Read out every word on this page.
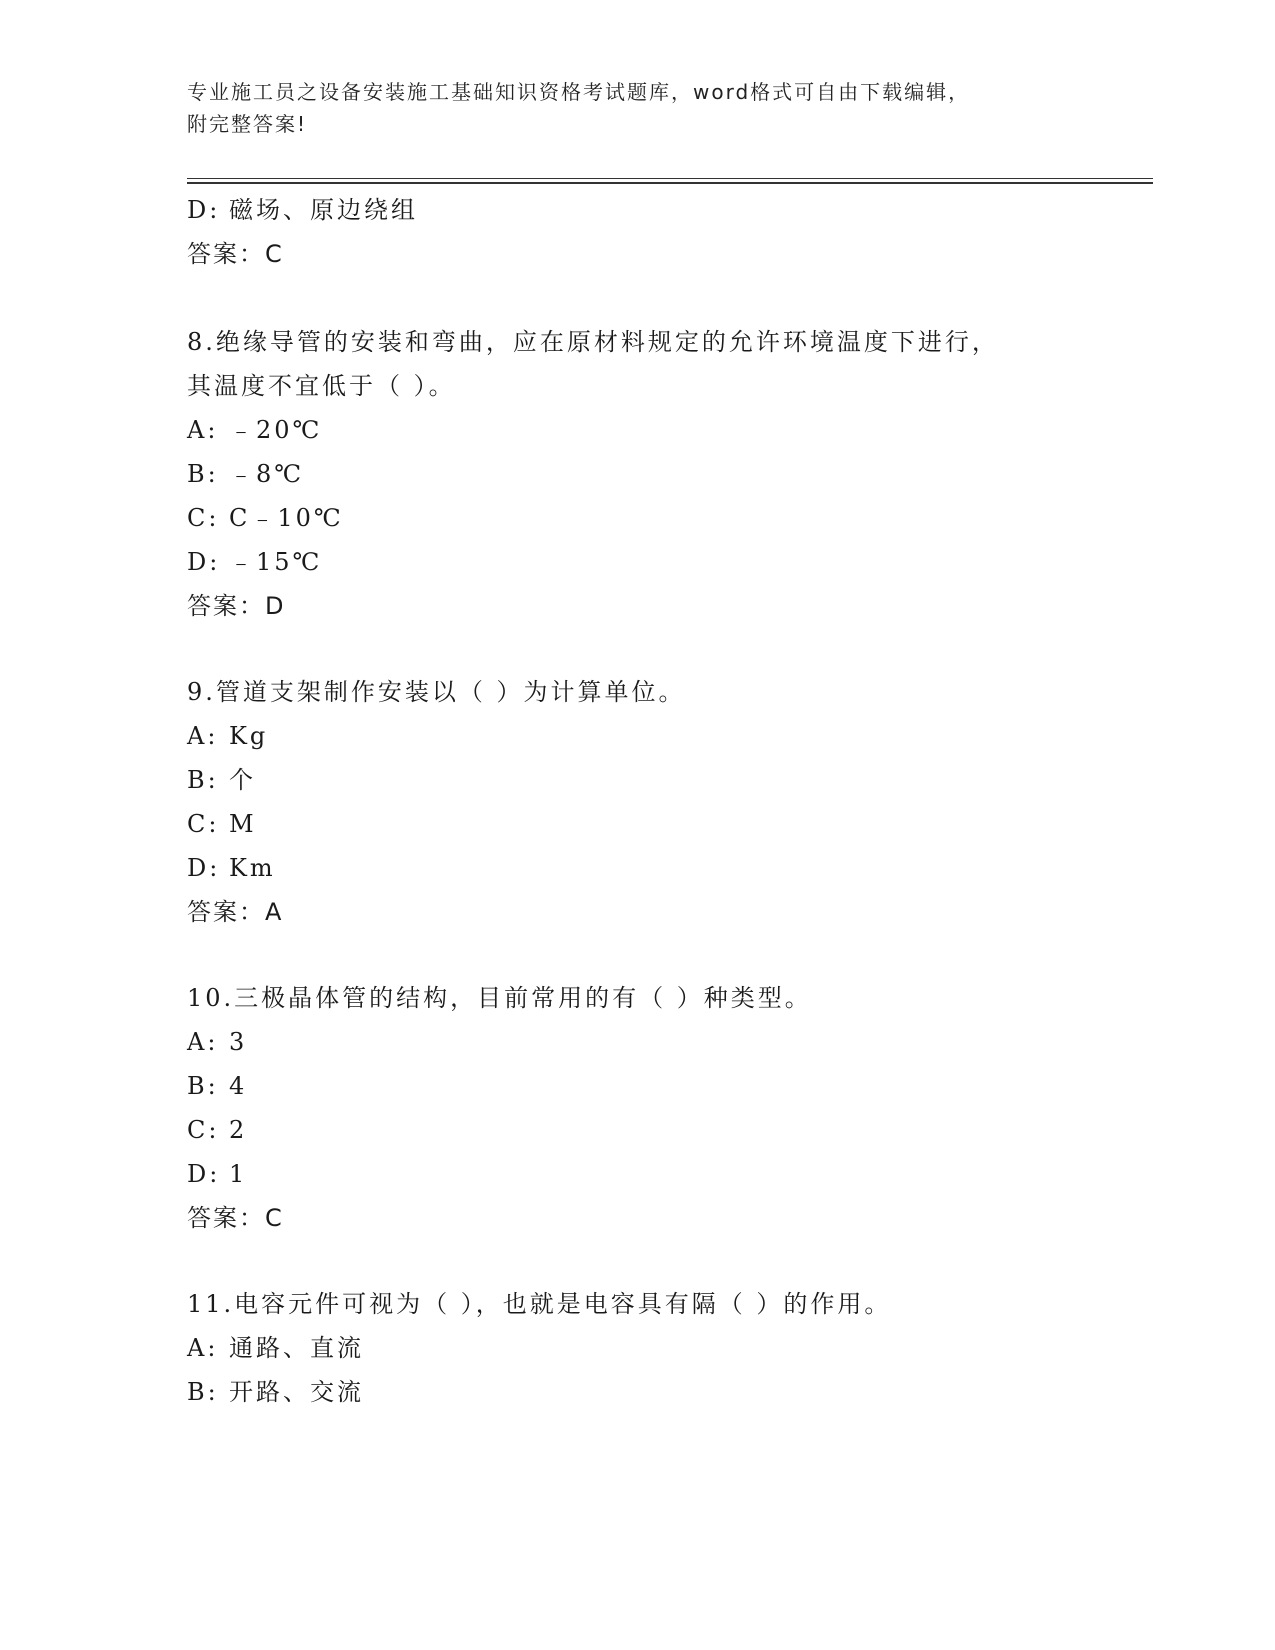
专业施工员之设备安装施工基础知识资格考试题库，word格式可自由下载编辑，
附完整答案!
D: 磁场、原边绕组
答案：C
8.绝缘导管的安装和弯曲，应在原材料规定的允许环境温度下进行，
其温度不宜低于（ ）。
A: ﹣20℃
B: ﹣8℃
C: C﹣10℃
D: ﹣15℃
答案：D
9.管道支架制作安装以（ ）为计算单位。
A: Kg
B: 个
C: M
D: Km
答案：A
10.三极晶体管的结构，目前常用的有（ ）种类型。
A: 3
B: 4
C: 2
D: 1
答案：C
11.电容元件可视为（ ），也就是电容具有隔（ ）的作用。
A: 通路、直流
B: 开路、交流
